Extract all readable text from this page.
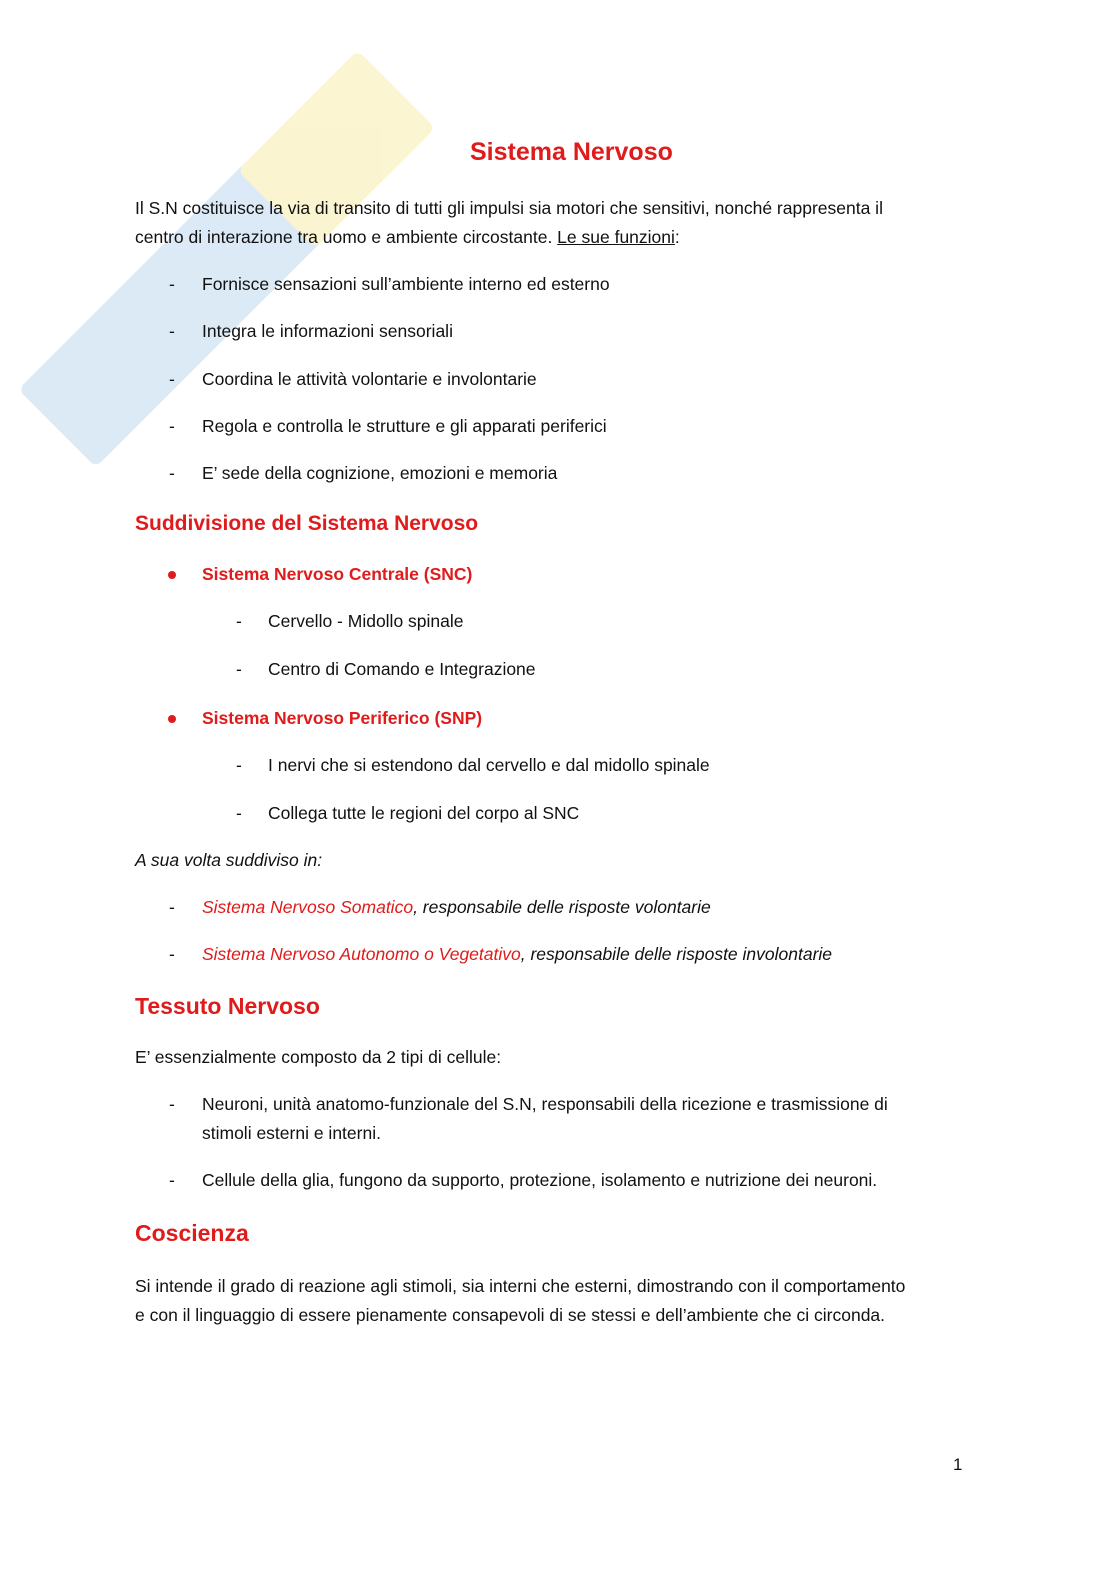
Sistema Nervoso
Il S.N costituisce la via di transito di tutti gli impulsi sia motori che sensitivi, nonché rappresenta il
centro di interazione tra uomo e ambiente circostante. Le sue funzioni:
- Fornisce sensazioni sull’ambiente interno ed esterno
- Integra le informazioni sensoriali
- Coordina le attività volontarie e involontarie
- Regola e controlla le strutture e gli apparati periferici
- E’ sede della cognizione, emozioni e memoria
Suddivisione del Sistema Nervoso
Sistema Nervoso Centrale (SNC)
- Cervello - Midollo spinale
- Centro di Comando e Integrazione
Sistema Nervoso Periferico (SNP)
- I nervi che si estendono dal cervello e dal midollo spinale
- Collega tutte le regioni del corpo al SNC
A sua volta suddiviso in:
- Sistema Nervoso Somatico, responsabile delle risposte volontarie
- Sistema Nervoso Autonomo o Vegetativo, responsabile delle risposte involontarie
Tessuto Nervoso
E’ essenzialmente composto da 2 tipi di cellule:
- Neuroni, unità anatomo-funzionale del S.N, responsabili della ricezione e trasmissione di
stimoli esterni e interni.
- Cellule della glia, fungono da supporto, protezione, isolamento e nutrizione dei neuroni.
Coscienza
Si intende il grado di reazione agli stimoli, sia interni che esterni, dimostrando con il comportamento
e con il linguaggio di essere pienamente consapevoli di se stessi e dell’ambiente che ci circonda.
1
